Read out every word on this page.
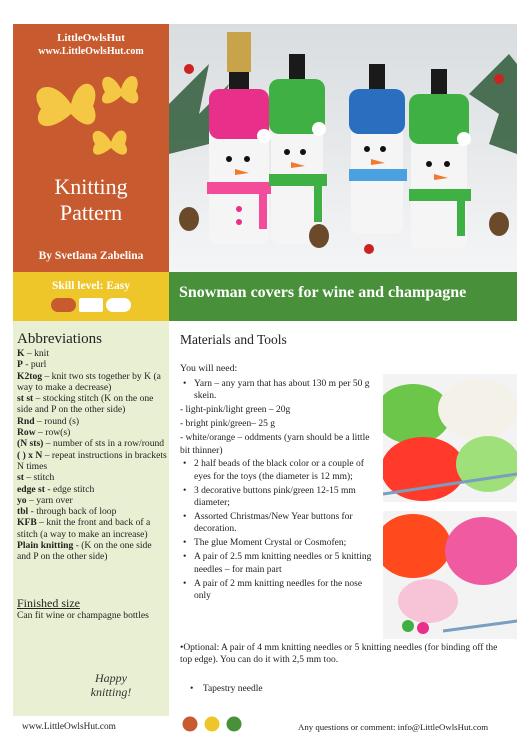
LittleOwlsHut
www.LittleOwlsHut.com
Knitting
Pattern
By Svetlana Zabelina
Skill level: Easy	Snowman covers for wine and champagne
Abbreviations
K – knit
P - purl
K2tog – knit two sts together by K (a way to make a decrease)
st st – stocking stitch (K on the one side and P on the other side)
Rnd – round (s)
Row – row(s)
(N sts) – number of sts in a row/round
( ) x N – repeat instructions in brackets N times
st – stitch
edge st - edge stitch
yo – yarn over
tbl - through back of loop
KFB – knit the front and back of a stitch (a way to make an increase)
Plain knitting - (K on the one side and P on the other side)
Finished size
Can fit wine or champagne bottles
Happy
knitting!
Materials and Tools
You will need:
• Yarn – any yarn that has about 130 m per 50 g skein.
- light-pink/light green – 20g
- bright pink/green– 25 g
- white/orange – oddments (yarn should be a little bit thinner)
• 2 half beads of the black color or a couple of eyes for the toys (the diameter is 12 mm);
• 3 decorative buttons pink/green 12-15 mm diameter;
• Assorted Christmas/New Year buttons for decoration.
• The glue Moment Crystal or Cosmofen;
• A pair of 2.5 mm knitting needles or 5 knitting needles – for main part
• A pair of 2 mm knitting needles for the nose only
•Optional: A pair of 4 mm knitting needles or 5 knitting needles (for binding off the top edge). You can do it with 2,5 mm too.
•    Tapestry needle
www.LittleOwlsHut.com	Any questions or comment: info@LittleOwlsHut.com
